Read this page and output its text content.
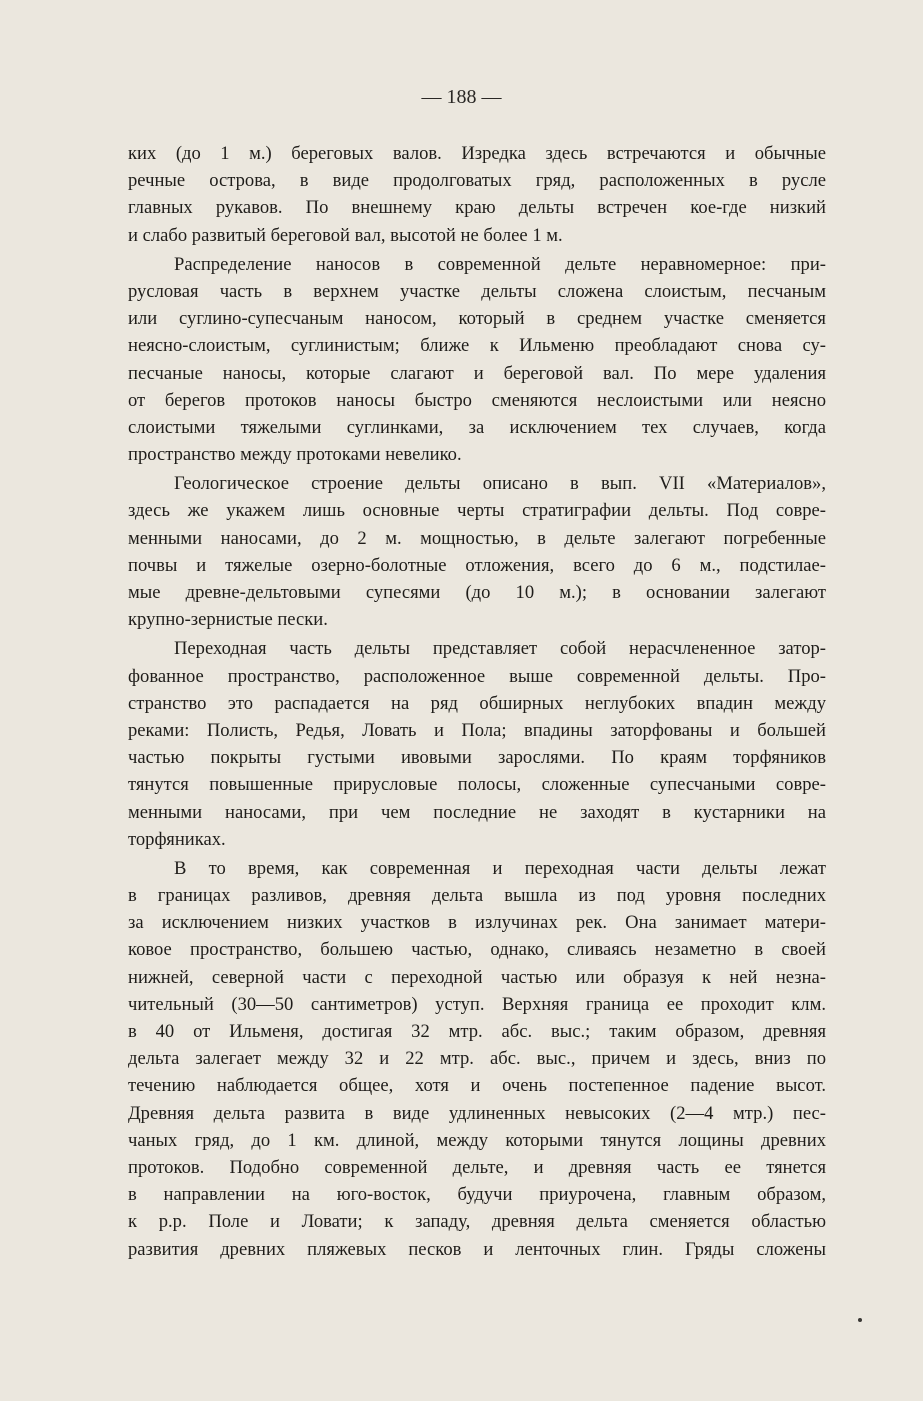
— 188 —
ких (до 1 м.) береговых валов. Изредка здесь встречаются и обычные
речные острова, в виде продолговатых гряд, расположенных в русле
главных рукавов. По внешнему краю дельты встречен кое-где низкий
и слабо развитый береговой вал, высотой не более 1 м.
Распределение наносов в современной дельте неравномерное: при-
русловая часть в верхнем участке дельты сложена слоистым, песчаным
или суглино-супесчаным наносом, который в среднем участке сменяется
неясно-слоистым, суглинистым; ближе к Ильменю преобладают снова су-
песчаные наносы, которые слагают и береговой вал. По мере удаления
от берегов протоков наносы быстро сменяются неслоистыми или неясно
слоистыми тяжелыми суглинками, за исключением тех случаев, когда
пространство между протоками невелико.
Геологическое строение дельты описано в вып. VII «Материалов»,
здесь же укажем лишь основные черты стратиграфии дельты. Под совре-
менными наносами, до 2 м. мощностью, в дельте залегают погребенные
почвы и тяжелые озерно-болотные отложения, всего до 6 м., подстилае-
мые древне-дельтовыми супесями (до 10 м.); в основании залегают
крупно-зернистые пески.
Переходная часть дельты представляет собой нерасчлененное затор-
фованное пространство, расположенное выше современной дельты. Про-
странство это распадается на ряд обширных неглубоких впадин между
реками: Полисть, Редья, Ловать и Пола; впадины заторфованы и большей
частью покрыты густыми ивовыми зарослями. По краям торфяников
тянутся повышенные прирусловые полосы, сложенные супесчаными совре-
менными наносами, при чем последние не заходят в кустарники на
торфяниках.
В то время, как современная и переходная части дельты лежат
в границах разливов, древняя дельта вышла из под уровня последних
за исключением низких участков в излучинах рек. Она занимает матери-
ковое пространство, большею частью, однако, сливаясь незаметно в своей
нижней, северной части с переходной частью или образуя к ней незна-
чительный (30—50 сантиметров) уступ. Верхняя граница ее проходит клм.
в 40 от Ильменя, достигая 32 мтр. абс. выс.; таким образом, древняя
дельта залегает между 32 и 22 мтр. абс. выс., причем и здесь, вниз по
течению наблюдается общее, хотя и очень постепенное падение высот.
Древняя дельта развита в виде удлиненных невысоких (2—4 мтр.) пес-
чаных гряд, до 1 км. длиной, между которыми тянутся лощины древних
протоков. Подобно современной дельте, и древняя часть ее тянется
в направлении на юго-восток, будучи приурочена, главным образом,
к р.р. Поле и Ловати; к западу, древняя дельта сменяется областью
развития древних пляжевых песков и ленточных глин. Гряды сложены
